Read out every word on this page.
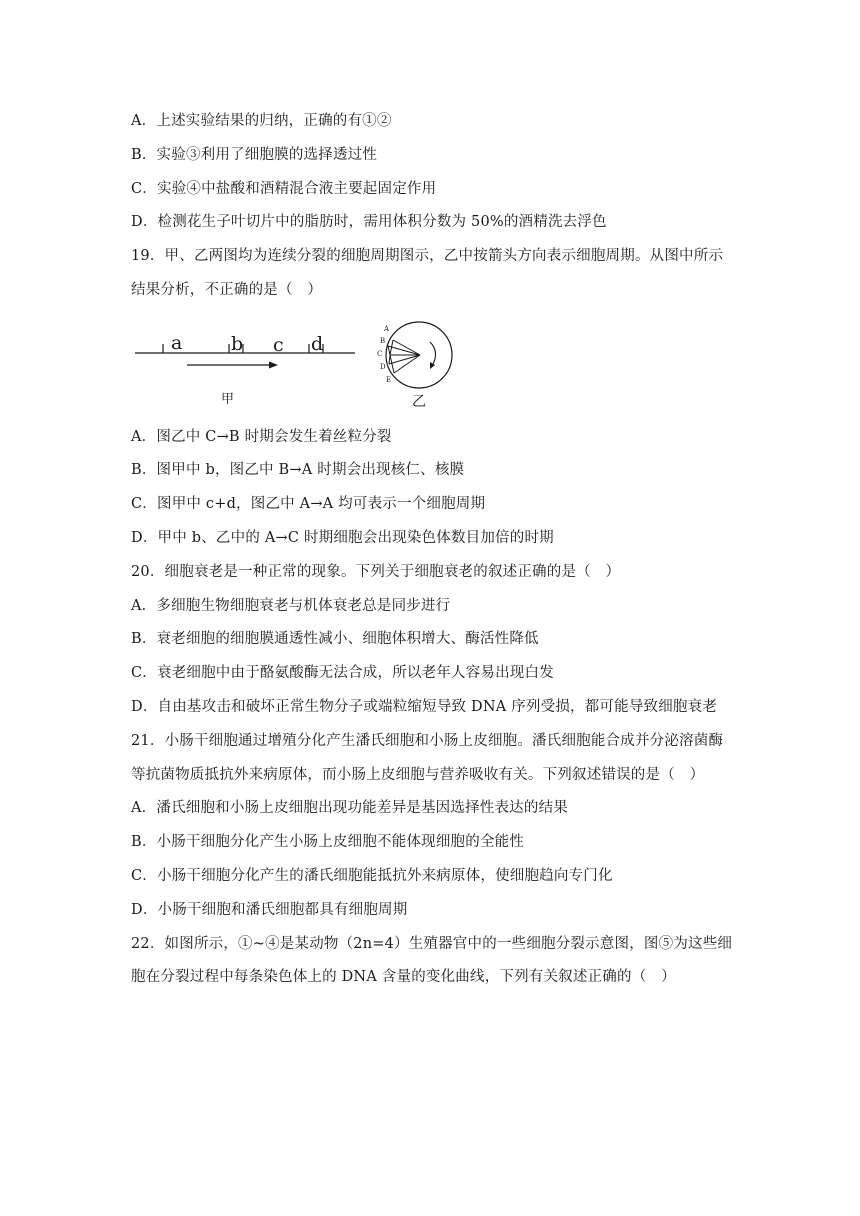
A．上述实验结果的归纳，正确的有①②
B．实验③利用了细胞膜的选择透过性
C．实验④中盐酸和酒精混合液主要起固定作用
D．检测花生子叶切片中的脂肪时，需用体积分数为 50%的酒精洗去浮色
19．甲、乙两图均为连续分裂的细胞周期图示，乙中按箭头方向表示细胞周期。从图中所示
结果分析，不正确的是（　）
a	b c d
甲
A
B
C
D
E
乙
A．图乙中 C→B 时期会发生着丝粒分裂
B．图甲中 b，图乙中 B→A 时期会出现核仁、核膜
C．图甲中 c+d，图乙中 A→A 均可表示一个细胞周期
D．甲中 b、乙中的 A→C 时期细胞会出现染色体数目加倍的时期
20．细胞衰老是一种正常的现象。下列关于细胞衰老的叙述正确的是（　）
A．多细胞生物细胞衰老与机体衰老总是同步进行
B．衰老细胞的细胞膜通透性减小、细胞体积增大、酶活性降低
C．衰老细胞中由于酪氨酸酶无法合成，所以老年人容易出现白发
D．自由基攻击和破坏正常生物分子或端粒缩短导致 DNA 序列受损，都可能导致细胞衰老
21．小肠干细胞通过增殖分化产生潘氏细胞和小肠上皮细胞。潘氏细胞能合成并分泌溶菌酶
等抗菌物质抵抗外来病原体，而小肠上皮细胞与营养吸收有关。下列叙述错误的是（　）
A．潘氏细胞和小肠上皮细胞出现功能差异是基因选择性表达的结果
B．小肠干细胞分化产生小肠上皮细胞不能体现细胞的全能性
C．小肠干细胞分化产生的潘氏细胞能抵抗外来病原体，使细胞趋向专门化
D．小肠干细胞和潘氏细胞都具有细胞周期
22．如图所示，①~④是某动物（2n=4）生殖器官中的一些细胞分裂示意图，图⑤为这些细
胞在分裂过程中每条染色体上的 DNA 含量的变化曲线，下列有关叙述正确的（　）
